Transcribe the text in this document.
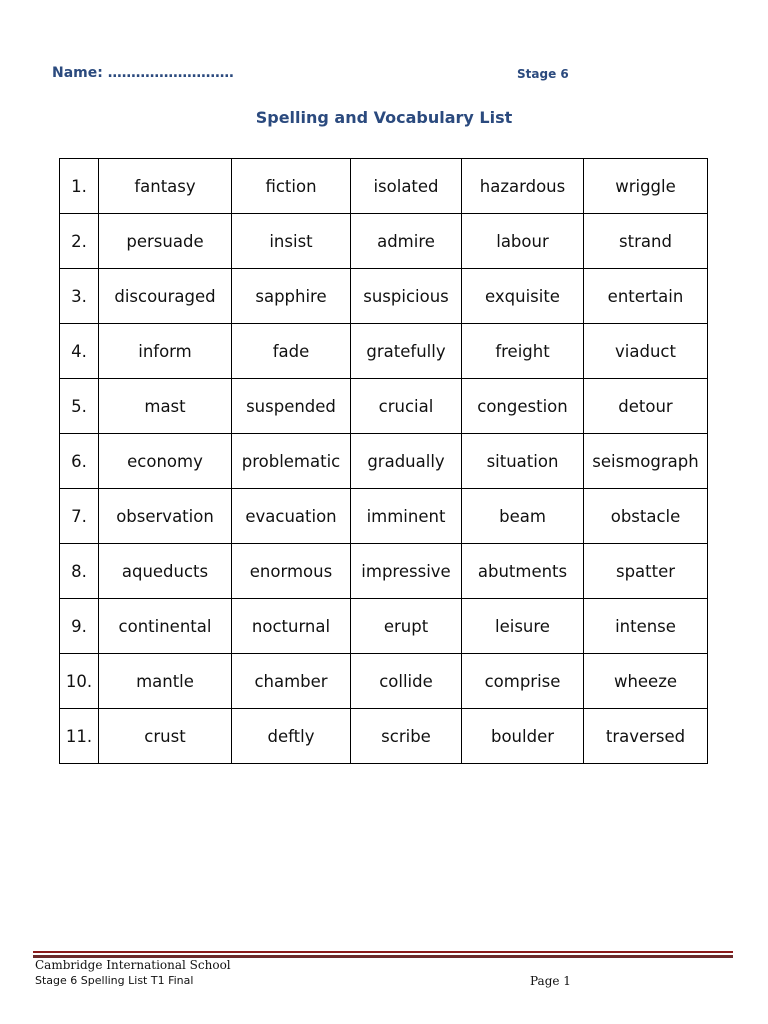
Name: ………………………	Stage 6
Spelling and Vocabulary List
1.	fantasy	fiction	isolated	hazardous	wriggle
2.	persuade	insist	admire	labour	strand
3.	discouraged	sapphire	suspicious	exquisite	entertain
4.	inform	fade	gratefully	freight	viaduct
5.	mast	suspended	crucial	congestion	detour
6.	economy	problematic	gradually	situation	seismograph
7.	observation	evacuation	imminent	beam	obstacle
8.	aqueducts	enormous	impressive	abutments	spatter
9.	continental	nocturnal	erupt	leisure	intense
10.	mantle	chamber	collide	comprise	wheeze
11.	crust	deftly	scribe	boulder	traversed
Cambridge International School
Stage 6 Spelling List T1 Final	Page 1
